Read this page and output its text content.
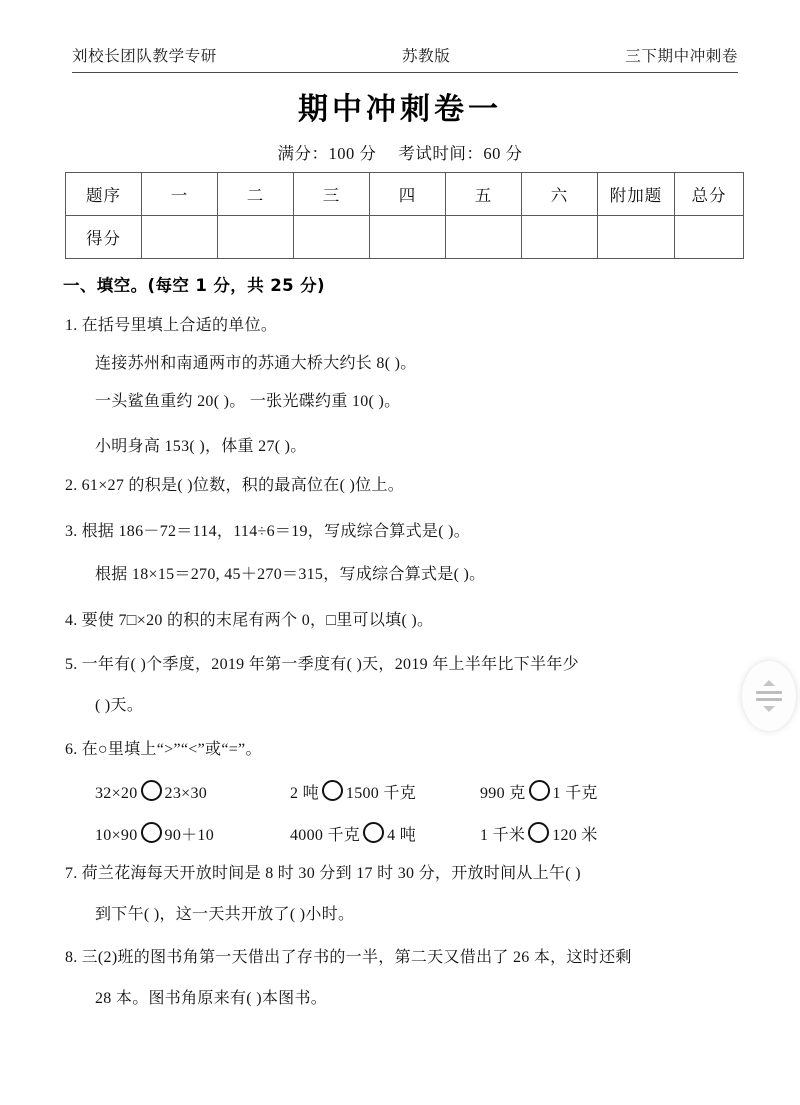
刘校长团队教学专研	苏教版	三下期中冲刺卷
期中冲刺卷一
满分：100 分 考试时间：60 分
题序	一	二	三	四	五	六	附加题	总分
得分								
一、填空。(每空 1 分，共 25 分)
1. 在括号里填上合适的单位。
连接苏州和南通两市的苏通大桥大约长 8( )。
一头鲨鱼重约 20( )。 一张光碟约重 10( )。
小明身高 153( )，体重 27( )。
2. 61×27 的积是( )位数，积的最高位在( )位上。
3. 根据 186－72＝114，114÷6＝19，写成综合算式是( )。
根据 18×15＝270, 45＋270＝315，写成综合算式是( )。
4. 要使 7□×20 的积的末尾有两个 0，□里可以填( )。
5. 一年有( )个季度，2019 年第一季度有( )天，2019 年上半年比下半年少
( )天。
6. 在○里填上“>”“<”或“=”。
32×20 23×30	2 吨 1500 千克	990 克 1 千克
10×90 90＋10	4000 千克 4 吨	1 千米 120 米
7. 荷兰花海每天开放时间是 8 时 30 分到 17 时 30 分，开放时间从上午( )
到下午( )，这一天共开放了( )小时。
8. 三(2)班的图书角第一天借出了存书的一半，第二天又借出了 26 本，这时还剩
28 本。图书角原来有( )本图书。
